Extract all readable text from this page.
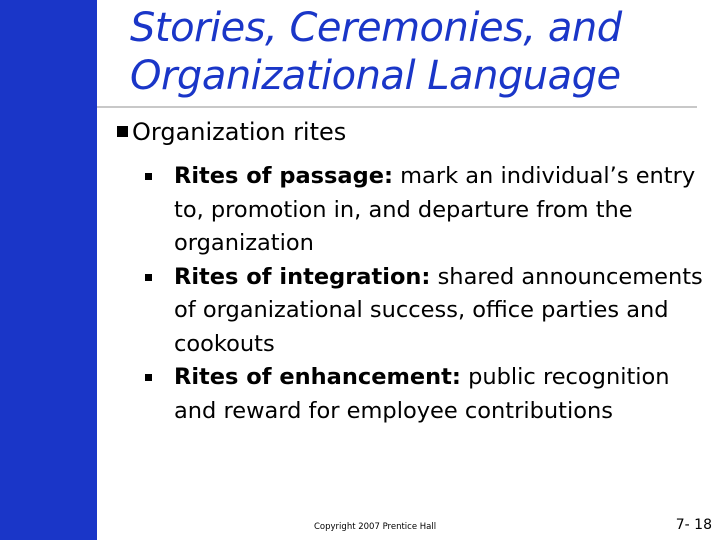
Stories, Ceremonies, and
Organizational Language
Organization rites
Rites of passage: mark an individual’s entry to, promotion in, and departure from the organization
Rites of integration: shared announcements of organizational success, office parties and cookouts
Rites of enhancement: public recognition and reward for employee contributions
Copyright 2007 Prentice Hall	7- 18
